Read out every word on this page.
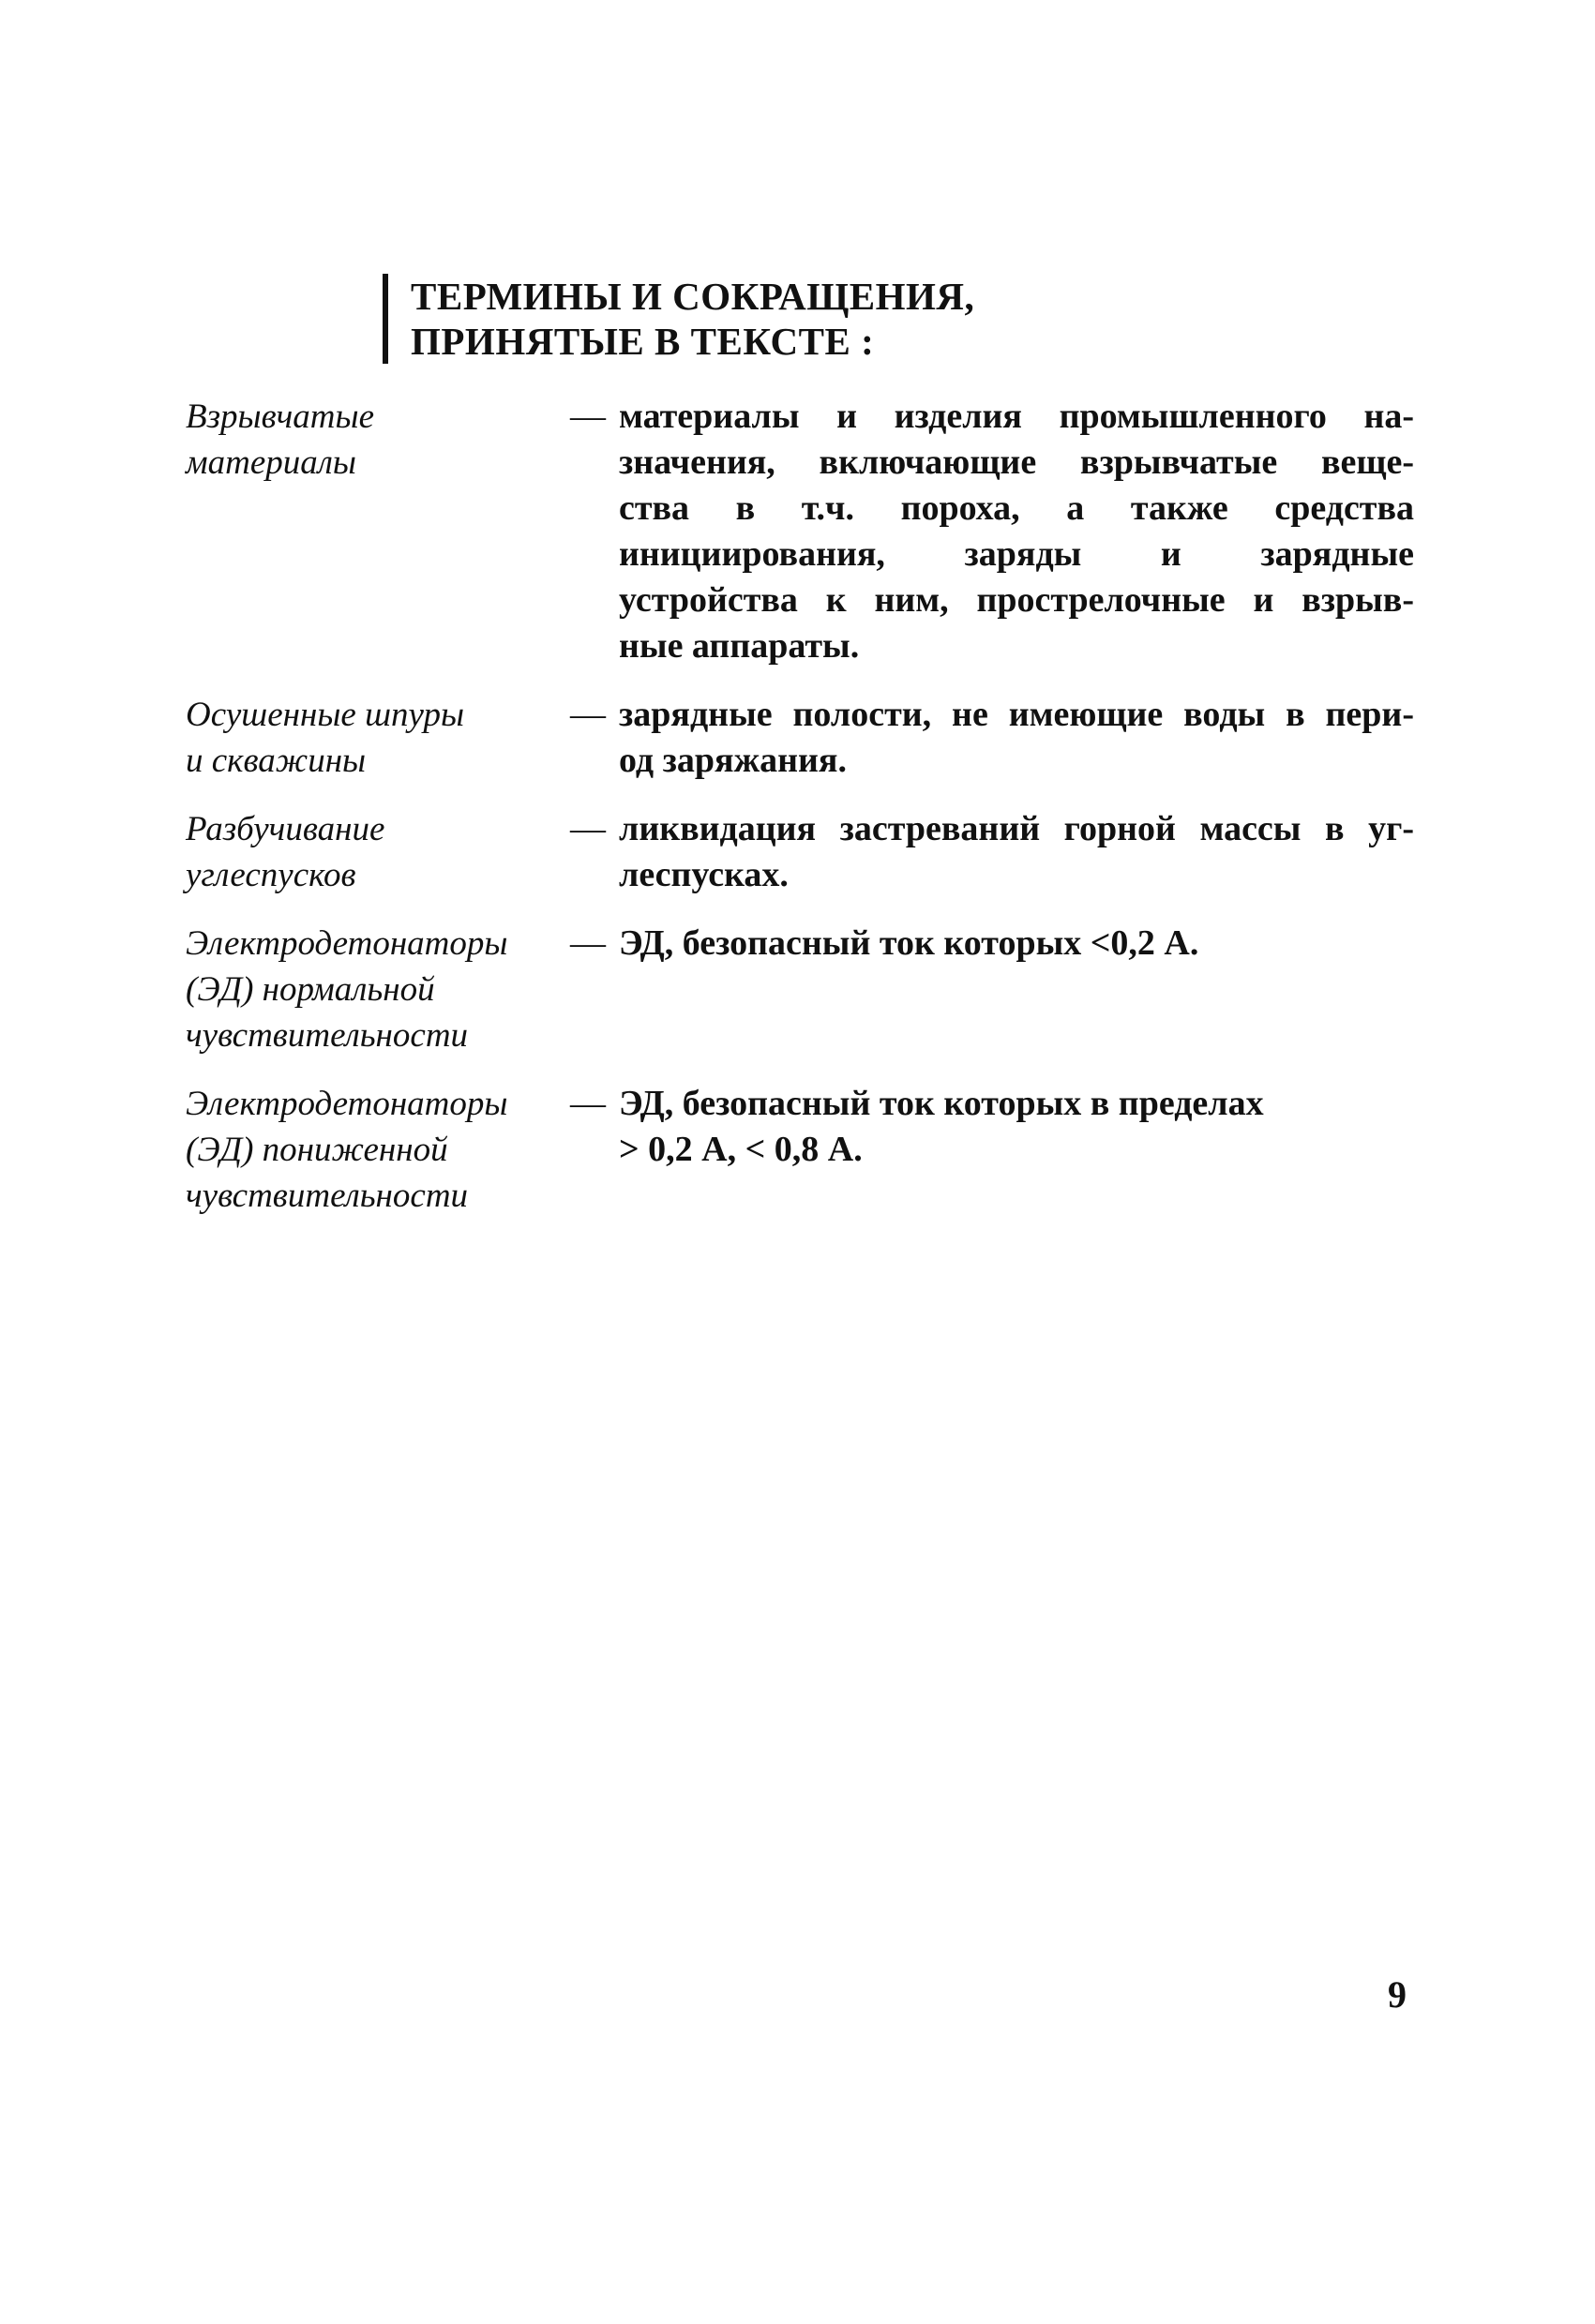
ТЕРМИНЫ И СОКРАЩЕНИЯ,
ПРИНЯТЫЕ В ТЕКСТЕ :
Взрывчатые
материалы
— материалы и изделия промышленного на-
значения, включающие взрывчатые веще-
ства в т.ч. пороха, а также средства
инициирования, заряды и зарядные
устройства к ним, прострелочные и взрыв-
ные аппараты.
Осушенные шпуры
и скважины
— зарядные полости, не имеющие воды в пери-
од заряжания.
Разбучивание
углеспусков
— ликвидация застреваний горной массы в уг-
леспусках.
Электродетонаторы
(ЭД) нормальной
чувствительности
— ЭД, безопасный ток которых <0,2 А.
Электродетонаторы
(ЭД) пониженной
чувствительности
— ЭД, безопасный ток которых в пределах
> 0,2 А, < 0,8 А.
9
